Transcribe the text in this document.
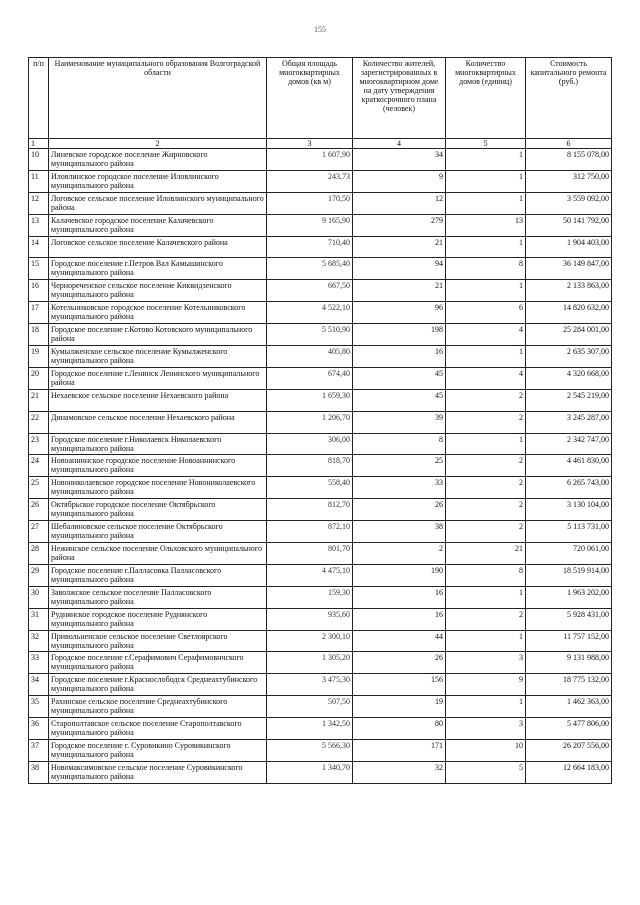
155
п/п	Наименование муниципального образования Волгоградской области	Общая площадь многоквартирных домов (кв м)	Количество жителей, зарегистрированных в многоквартирном доме на дату утверждения краткосрочного плана (человек)	Количество многоквартирных домов (единиц)	Стоимость капитального ремонта (руб.)
1	2	3	4	5	6
10	Линевское городское поселение Жирновского муниципального района	1 607,90	34	1	8 155 078,00
11	Иловлинское городское поселение Иловлинского муниципального района	243,73	9	1	312 750,00
12	Логовское сельское поселение Иловлинского муниципального района	170,50	12	1	3 559 092,00
13	Калачевское городское поселение Калачевского муниципального района	9 165,90	279	13	50 141 792,00
14	Логовское сельское поселение Калачевского района	710,40	21	1	1 904 403,00
15	Городское поселение г.Петров Вал Камышинского муниципального района	5 685,40	94	8	36 149 847,00
16	Чернореченское сельское поселение Киквидзенского муниципального района	667,50	21	1	2 133 863,00
17	Котельниковское городское поселение Котельниковского муниципального района	4 522,10	96	6	14 820 632,00
18	Городское поселение г.Котово Котовского муниципального района	5 510,90	198	4	25 284 001,00
19	Кумылженское сельское поселение Кумылженского муниципального района	405,80	16	1	2 635 307,00
20	Городское поселение г.Ленинск Ленинского муниципального района	674,40	45	4	4 320 668,00
21	Нехаевское сельское поселение Нехаевского района	1 659,30	45	2	2 545 219,00
22	Динамовское сельское поселение Нехаевского района	1 206,70	39	2	3 245 287,00
23	Городское поселение г.Николаевск Николаевского муниципального района	306,00	8	1	2 342 747,00
24	Новоаннинское городское поселение Новоаннинского муниципального района	818,70	25	2	4 461 830,00
25	Новониколаевское городское поселение Новониколаевского муниципального района	558,40	33	2	6 265 743,00
26	Октябрьское городское поселение Октябрьского муниципального района	812,70	26	2	3 130 104,00
27	Шебалиновское сельское поселение Октябрьского муниципального района	872,10	38	2	5 113 731,00
28	Нежинское сельское поселение Ольховского муниципального района	801,70	2	21	720 061,00
29	Городское поселение г.Палласовка Палласовского муниципального района	4 475,10	190	8	18 519 914,00
30	Заволжское сельское поселение Палласовского муниципального района	159,30	16	1	1 963 202,00
31	Руднянское городское поселение Руднянского муниципального района	935,60	16	2	5 928 431,00
32	Привольненское сельское поселение Светлоярского муниципального района	2 300,10	44	1	11 757 152,00
33	Городское поселение г.Серафимович Серафимовичского муниципального района	1 305,20	26	3	9 131 988,00
34	Городское поселение г.Краснослободск Среднеахтубинского муниципального района	3 475,30	156	9	18 775 132,00
35	Рахинское сельское поселение Среднеахтубинского муниципального района	507,50	19	1	1 462 363,00
36	Старополтавское сельское поселение Старополтавского муниципального района	1 342,50	80	3	5 477 806,00
37	Городское поселение г. Суровикино Суровикинского муниципального района	5 566,30	171	10	26 207 556,00
38	Новомаксимовское сельское поселение Суровикинского муниципального района	1 340,70	32	5	12 664 183,00
